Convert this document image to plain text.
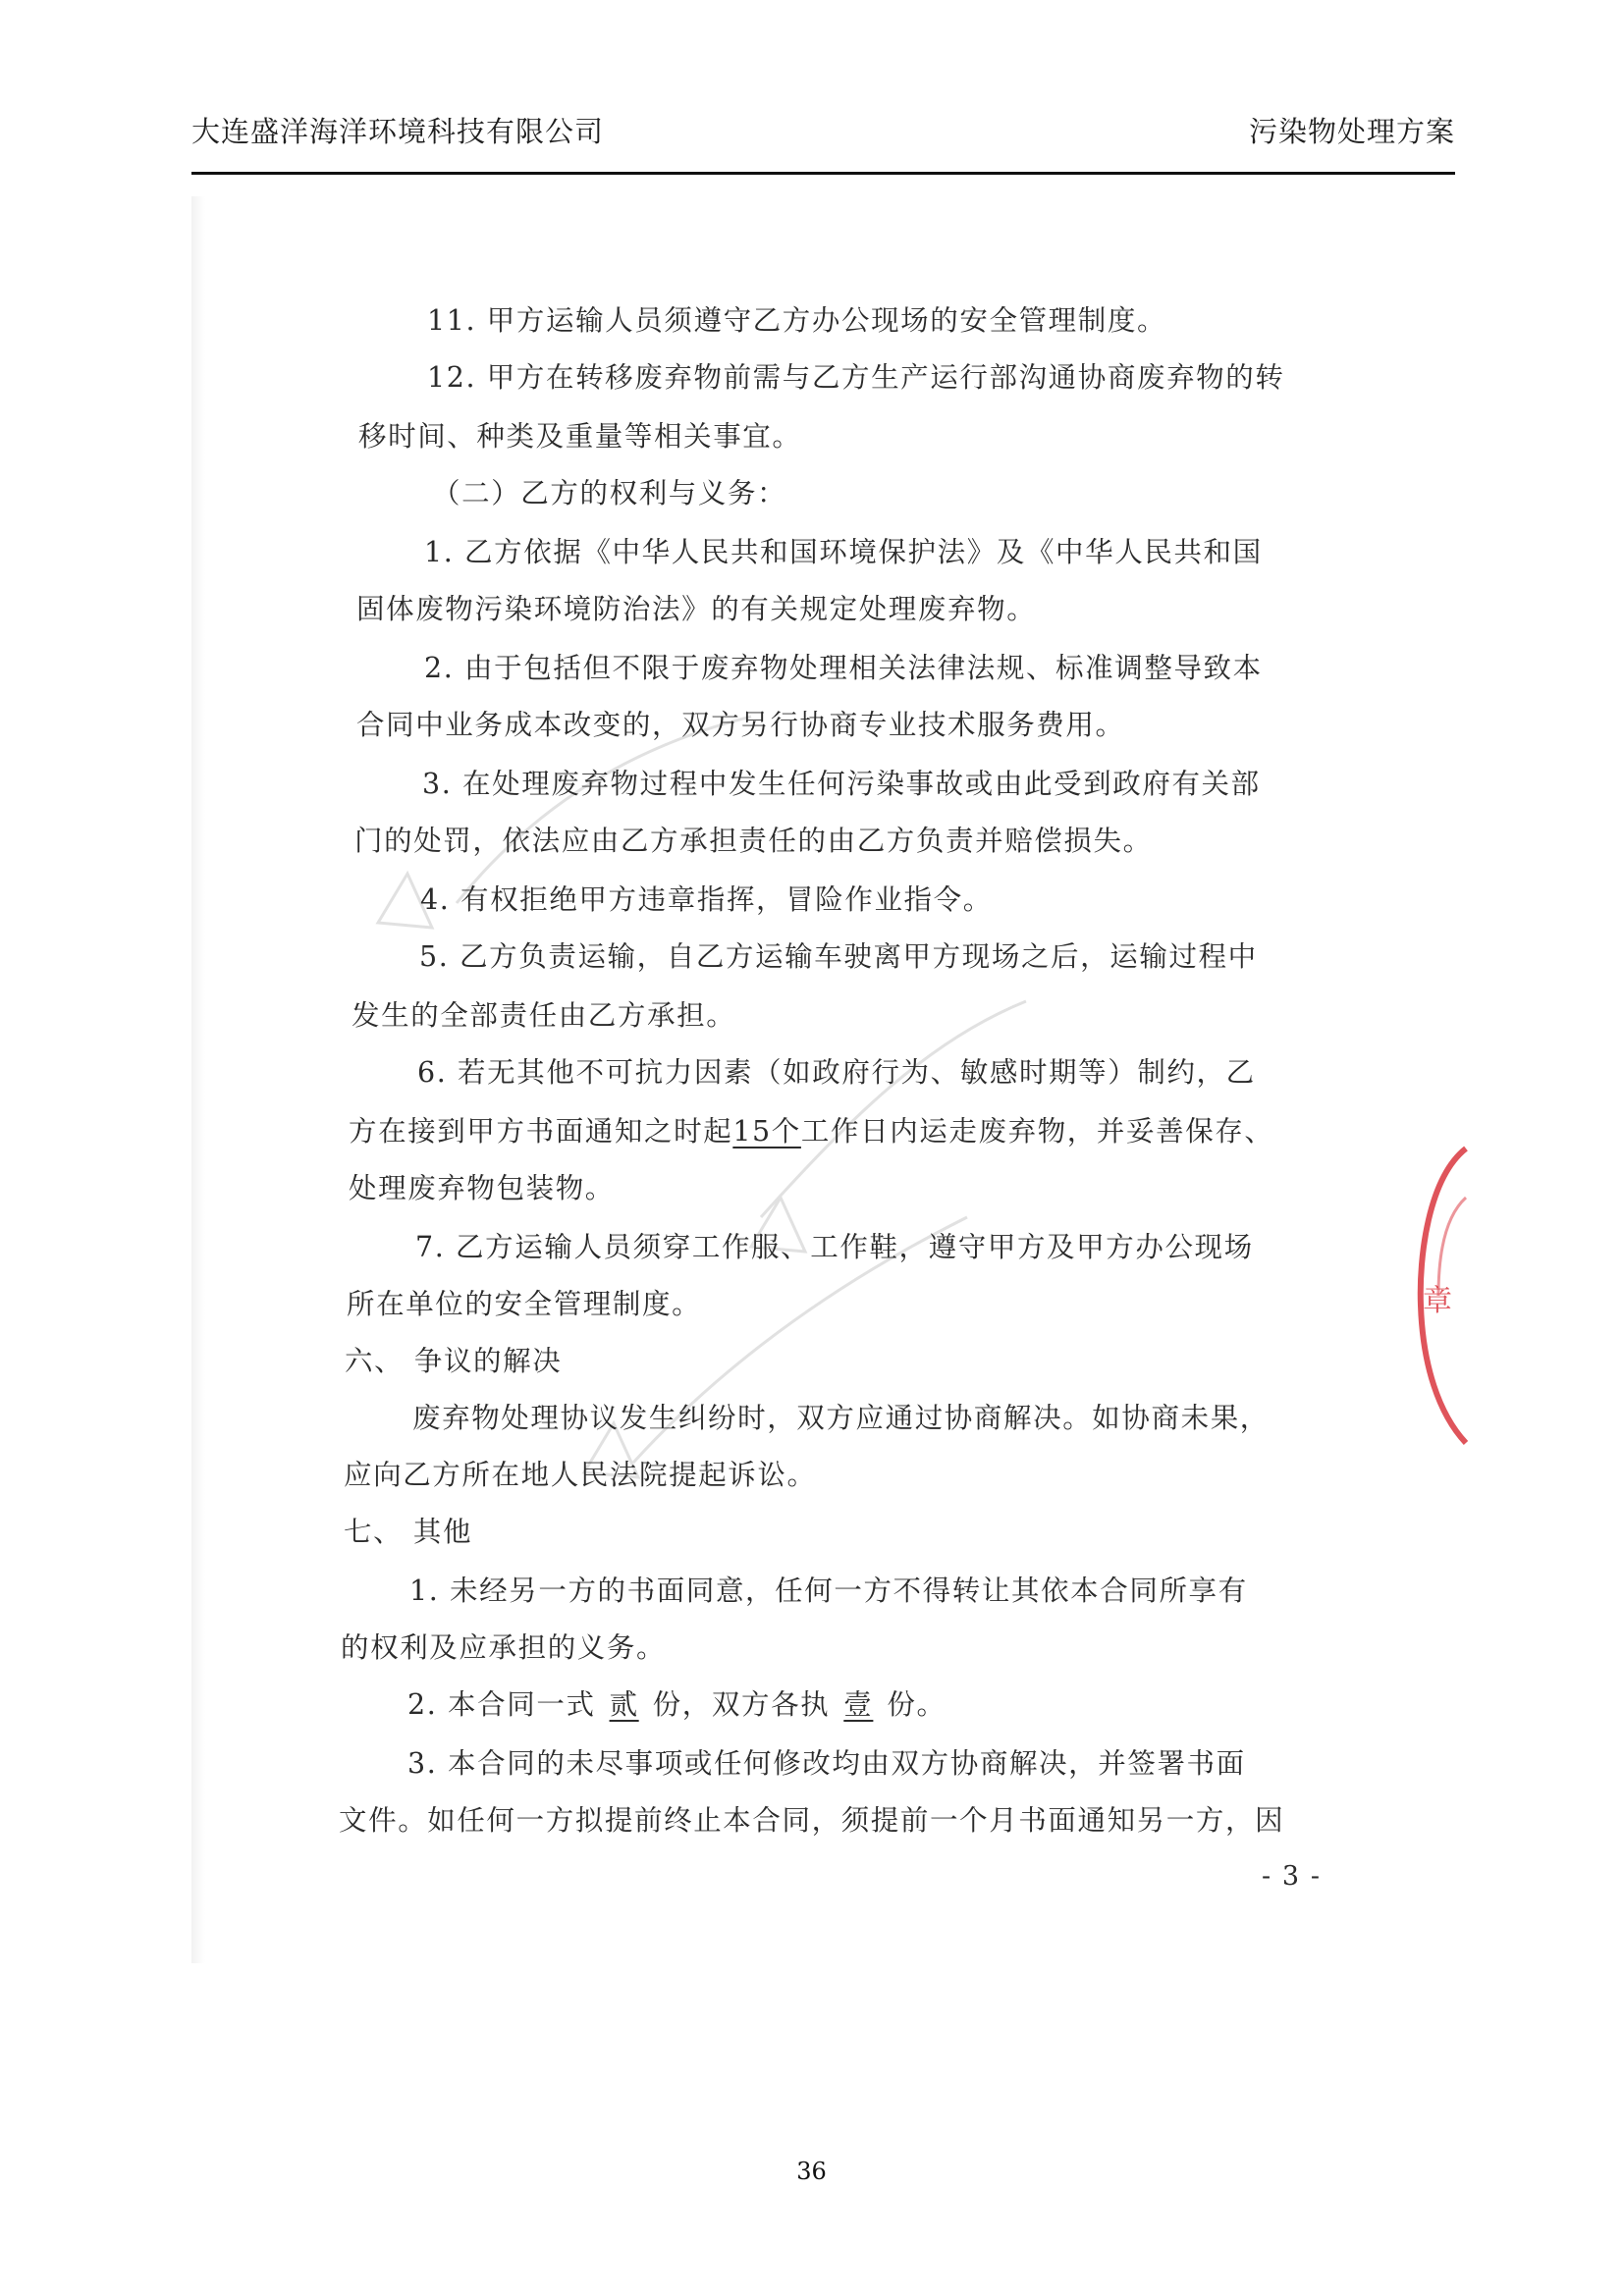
大连盛洋海洋环境科技有限公司	污染物处理方案
11. 甲方运输人员须遵守乙方办公现场的安全管理制度。
12. 甲方在转移废弃物前需与乙方生产运行部沟通协商废弃物的转
移时间、种类及重量等相关事宜。
（二）乙方的权利与义务：
1. 乙方依据《中华人民共和国环境保护法》及《中华人民共和国
固体废物污染环境防治法》的有关规定处理废弃物。
2. 由于包括但不限于废弃物处理相关法律法规、标准调整导致本
合同中业务成本改变的，双方另行协商专业技术服务费用。
3. 在处理废弃物过程中发生任何污染事故或由此受到政府有关部
门的处罚，依法应由乙方承担责任的由乙方负责并赔偿损失。
4. 有权拒绝甲方违章指挥，冒险作业指令。
5. 乙方负责运输，自乙方运输车驶离甲方现场之后，运输过程中
发生的全部责任由乙方承担。
6. 若无其他不可抗力因素（如政府行为、敏感时期等）制约，乙
方在接到甲方书面通知之时起15个工作日内运走废弃物，并妥善保存、
处理废弃物包装物。
7. 乙方运输人员须穿工作服、工作鞋，遵守甲方及甲方办公现场
所在单位的安全管理制度。
六、 争议的解决
废弃物处理协议发生纠纷时，双方应通过协商解决。如协商未果，
应向乙方所在地人民法院提起诉讼。
七、 其他
1. 未经另一方的书面同意，任何一方不得转让其依本合同所享有
的权利及应承担的义务。
2. 本合同一式 贰 份，双方各执 壹 份。
3. 本合同的未尽事项或任何修改均由双方协商解决，并签署书面
文件。如任何一方拟提前终止本合同，须提前一个月书面通知另一方，因
- 3 -
章
36
